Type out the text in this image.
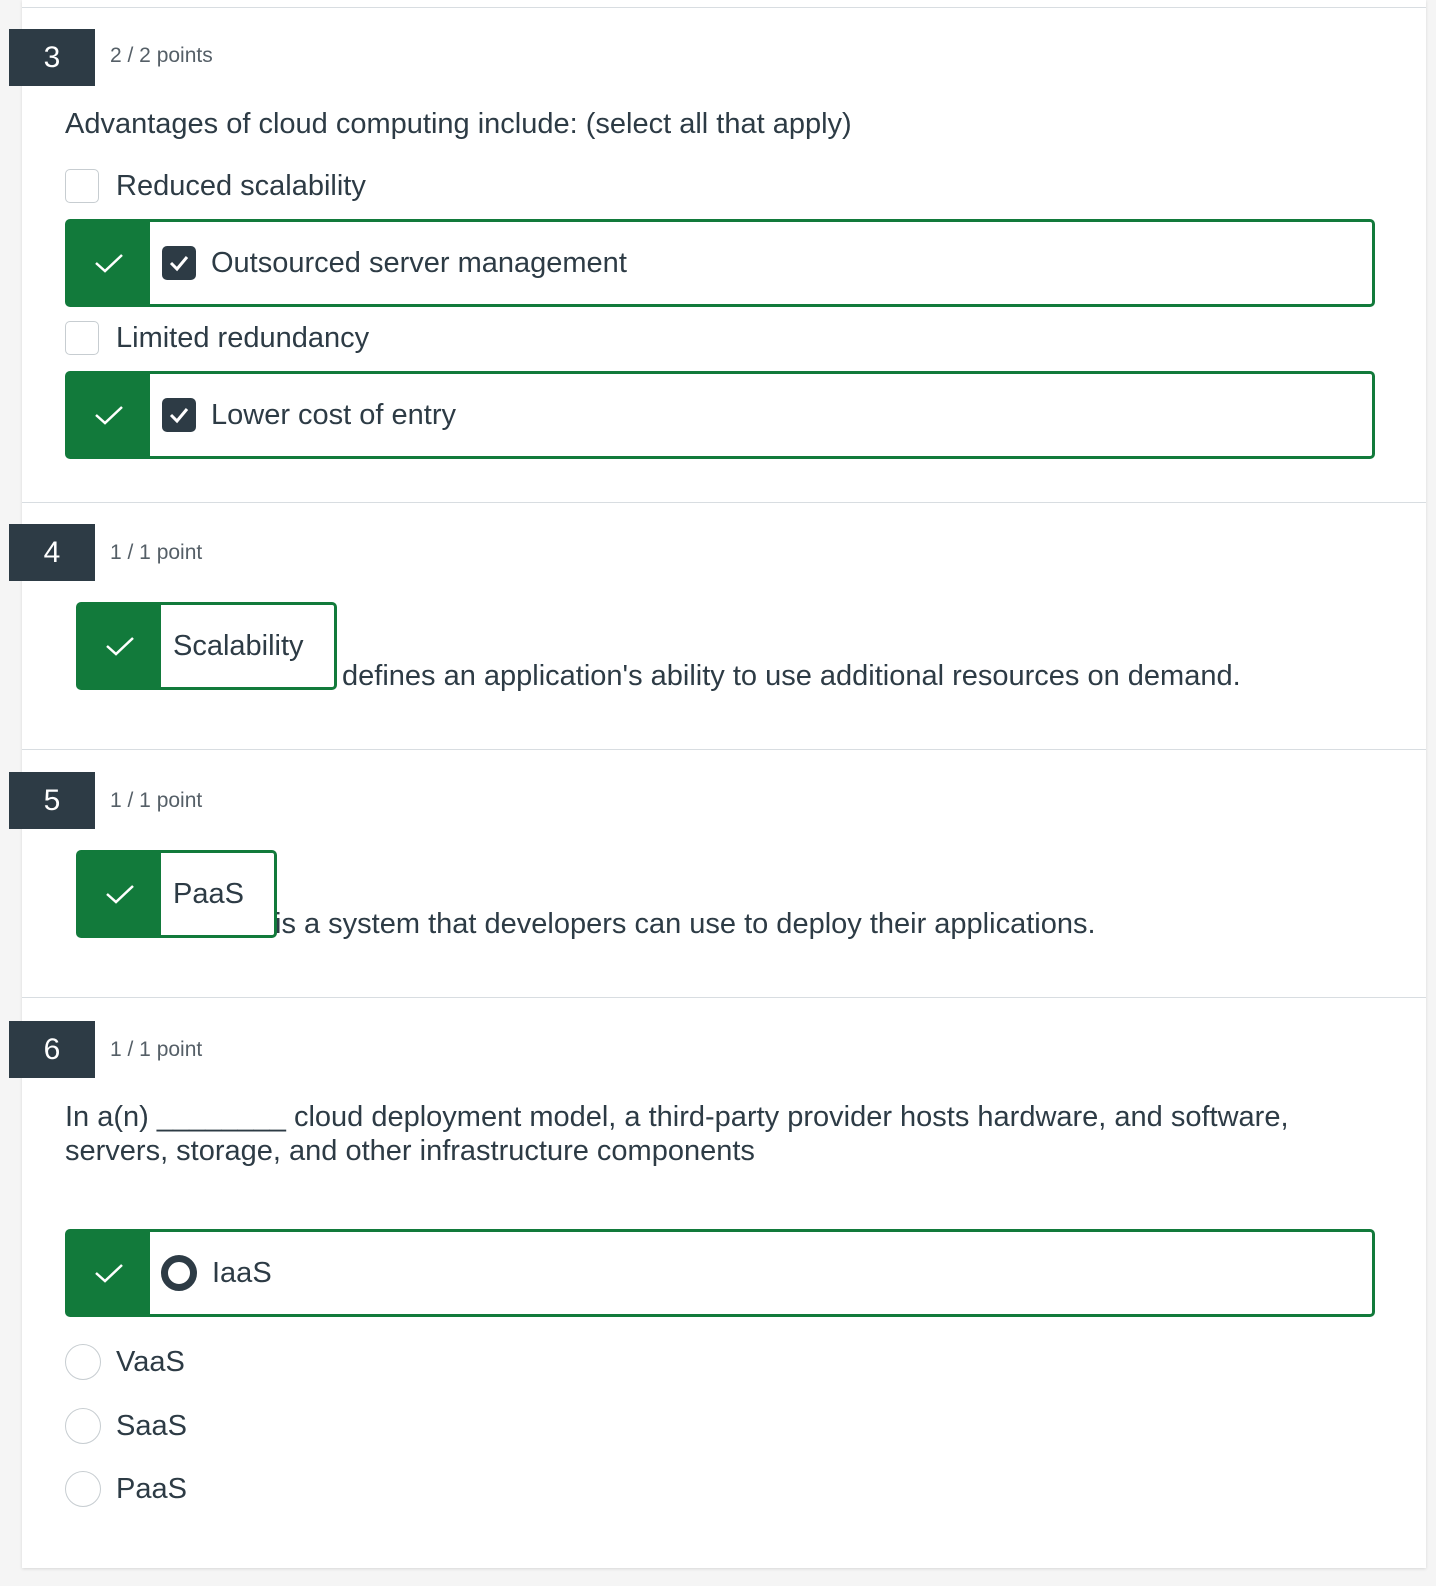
3	2 / 2 points
Advantages of cloud computing include: (select all that apply)
Reduced scalability
Outsourced server management
Limited redundancy
Lower cost of entry
4	1 / 1 point
Scalability
defines an application's ability to use additional resources on demand.
5	1 / 1 point
PaaS
is a system that developers can use to deploy their applications.
6	1 / 1 point
In a(n) ________ cloud deployment model, a third-party provider hosts hardware, and software, servers, storage, and other infrastructure components
IaaS
VaaS
SaaS
PaaS
